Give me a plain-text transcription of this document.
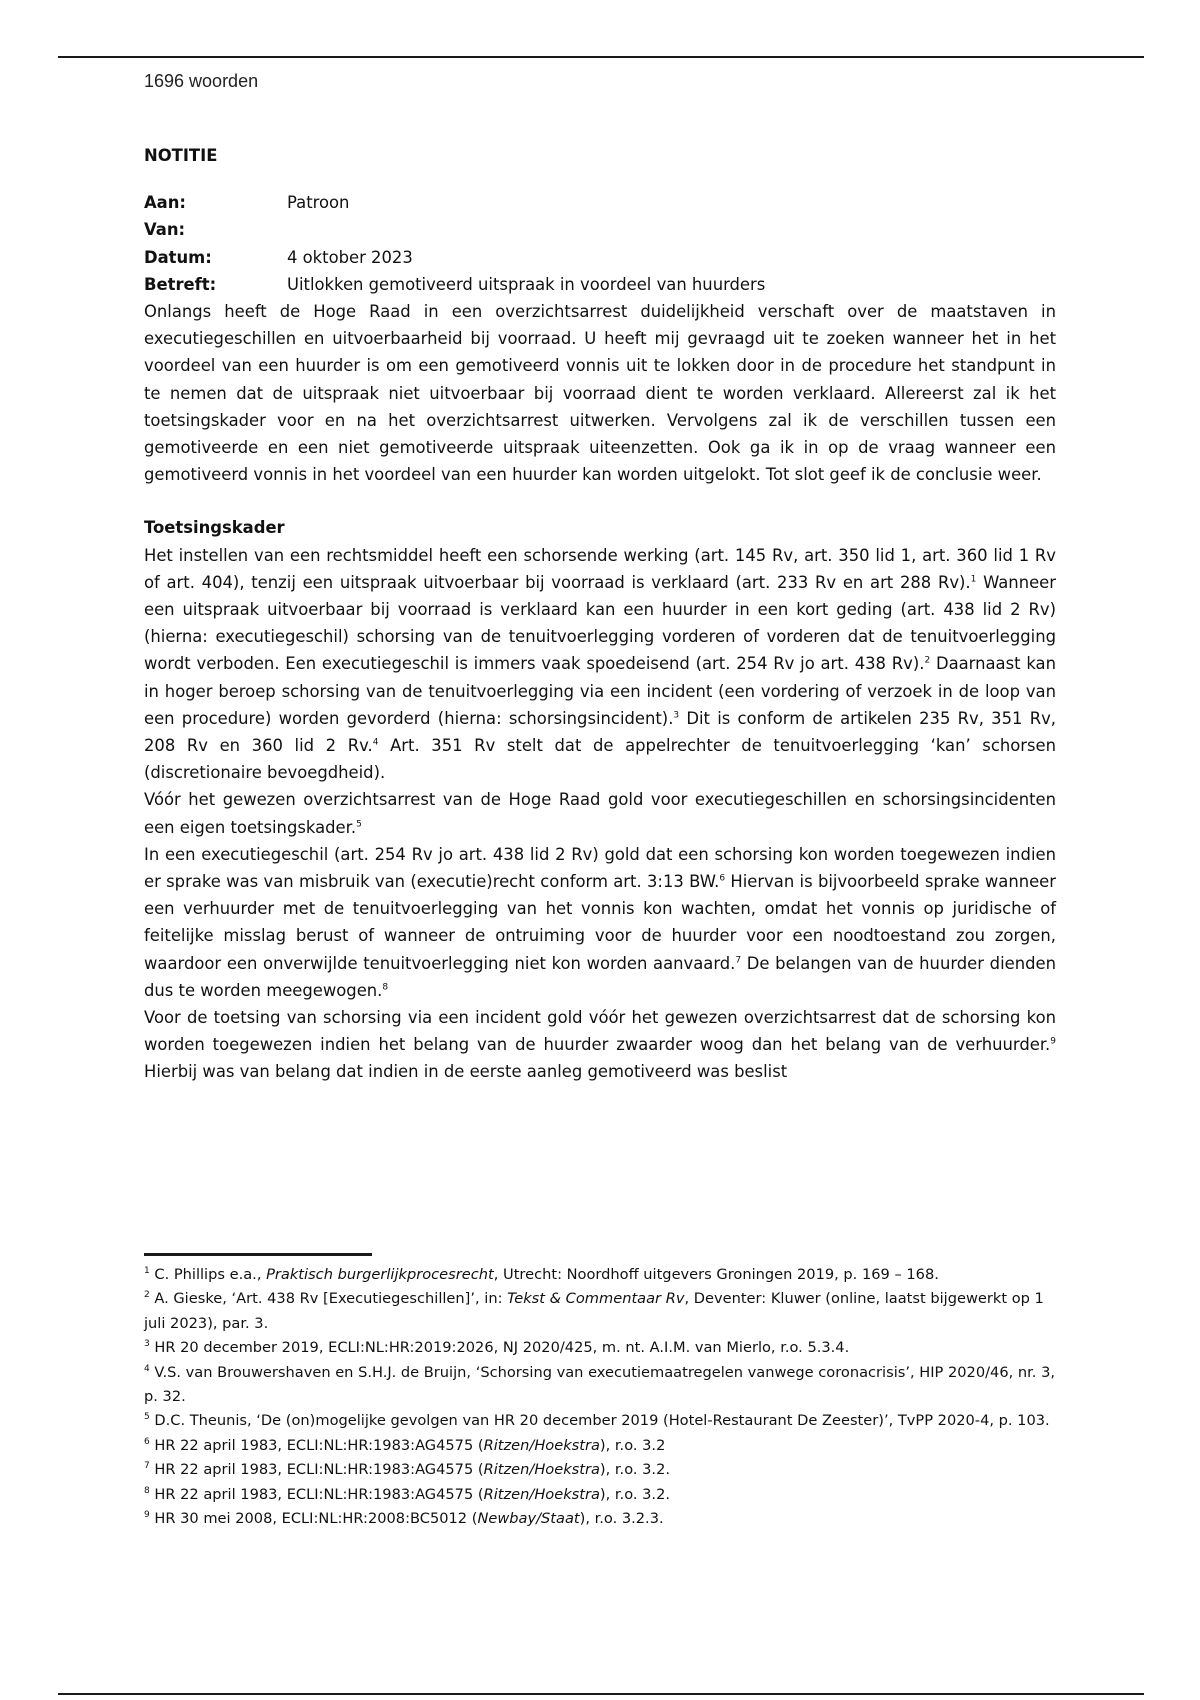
1696 woorden

NOTITIE

Aan:	Patroon
Van:
Datum:	4 oktober 2023
Betreft:	Uitlokken gemotiveerd uitspraak in voordeel van huurders

Onlangs heeft de Hoge Raad in een overzichtsarrest duidelijkheid verschaft over de maatstaven in executiegeschillen en uitvoerbaarheid bij voorraad. U heeft mij gevraagd uit te zoeken wanneer het in het voordeel van een huurder is om een gemotiveerd vonnis uit te lokken door in de procedure het standpunt in te nemen dat de uitspraak niet uitvoerbaar bij voorraad dient te worden verklaard. Allereerst zal ik het toetsingskader voor en na het overzichtsarrest uitwerken. Vervolgens zal ik de verschillen tussen een gemotiveerde en een niet gemotiveerde uitspraak uiteenzetten. Ook ga ik in op de vraag wanneer een gemotiveerd vonnis in het voordeel van een huurder kan worden uitgelokt. Tot slot geef ik de conclusie weer.

Toetsingskader

Het instellen van een rechtsmiddel heeft een schorsende werking (art. 145 Rv, art. 350 lid 1, art. 360 lid 1 Rv of art. 404), tenzij een uitspraak uitvoerbaar bij voorraad is verklaard (art. 233 Rv en art 288 Rv).$^1$ Wanneer een uitspraak uitvoerbaar bij voorraad is verklaard kan een huurder in een kort geding (art. 438 lid 2 Rv) (hierna: executiegeschil) schorsing van de tenuitvoerlegging vorderen of vorderen dat de tenuitvoerlegging wordt verboden. Een executiegeschil is immers vaak spoedeisend (art. 254 Rv jo art. 438 Rv).$^2$ Daarnaast kan in hoger beroep schorsing van de tenuitvoerlegging via een incident (een vordering of verzoek in de loop van een procedure) worden gevorderd (hierna: schorsingsincident).$^3$ Dit is conform de artikelen 235 Rv, 351 Rv, 208 Rv en 360 lid 2 Rv.$^4$ Art. 351 Rv stelt dat de appelrechter de tenuitvoerlegging ‘kan’ schorsen (discretionaire bevoegdheid).

Vóór het gewezen overzichtsarrest van de Hoge Raad gold voor executiegeschillen en schorsingsincidenten een eigen toetsingskader.$^5$

In een executiegeschil (art. 254 Rv jo art. 438 lid 2 Rv) gold dat een schorsing kon worden toegewezen indien er sprake was van misbruik van (executie)recht conform art. 3:13 BW.$^6$ Hiervan is bijvoorbeeld sprake wanneer een verhuurder met de tenuitvoerlegging van het vonnis kon wachten, omdat het vonnis op juridische of feitelijke misslag berust of wanneer de ontruiming voor de huurder voor een noodtoestand zou zorgen, waardoor een onverwijlde tenuitvoerlegging niet kon worden aanvaard.$^7$ De belangen van de huurder dienden dus te worden meegewogen.$^8$

Voor de toetsing van schorsing via een incident gold vóór het gewezen overzichtsarrest dat de schorsing kon worden toegewezen indien het belang van de huurder zwaarder woog dan het belang van de verhuurder.$^9$ Hierbij was van belang dat indien in de eerste aanleg gemotiveerd was beslist

$^1$ C. Phillips e.a., Praktisch burgerlijkprocesrecht, Utrecht: Noordhoff uitgevers Groningen 2019, p. 169 – 168.

$^2$ A. Gieske, ‘Art. 438 Rv [Executiegeschillen]’, in: Tekst & Commentaar Rv, Deventer: Kluwer (online, laatst bijgewerkt op 1 juli 2023), par. 3.

$^3$ HR 20 december 2019, ECLI:NL:HR:2019:2026, NJ 2020/425, m. nt. A.I.M. van Mierlo, r.o. 5.3.4.

$^4$ V.S. van Brouwershaven en S.H.J. de Bruijn, ‘Schorsing van executiemaatregelen vanwege coronacrisis’, HIP 2020/46, nr. 3, p. 32.

$^5$ D.C. Theunis, ‘De (on)mogelijke gevolgen van HR 20 december 2019 (Hotel-Restaurant De Zeester)’, TvPP 2020-4, p. 103.

$^6$ HR 22 april 1983, ECLI:NL:HR:1983:AG4575 (Ritzen/Hoekstra), r.o. 3.2

$^7$ HR 22 april 1983, ECLI:NL:HR:1983:AG4575 (Ritzen/Hoekstra), r.o. 3.2.

$^8$ HR 22 april 1983, ECLI:NL:HR:1983:AG4575 (Ritzen/Hoekstra), r.o. 3.2.

$^9$ HR 30 mei 2008, ECLI:NL:HR:2008:BC5012 (Newbay/Staat), r.o. 3.2.3.
